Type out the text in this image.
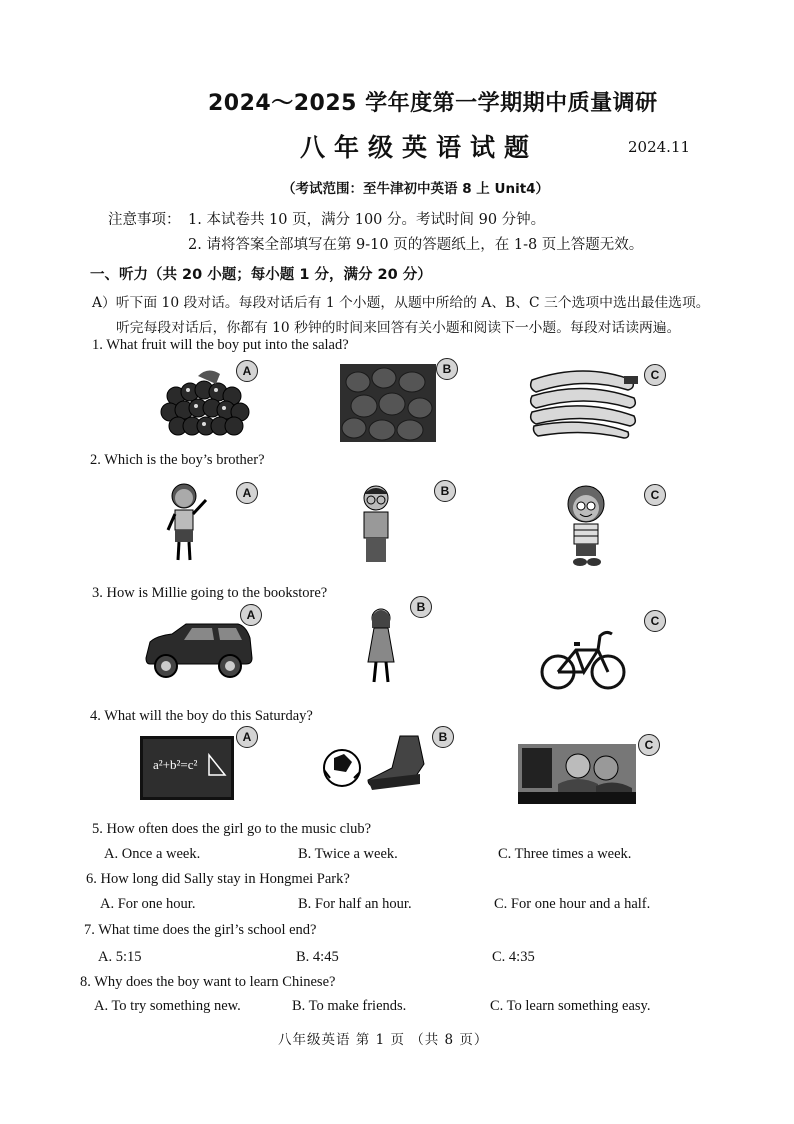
2024～2025 学年度第一学期期中质量调研
八年级英语试题	2024.11
（考试范围：至牛津初中英语 8 上 Unit4）
注意事项： 1. 本试卷共 10 页，满分 100 分。考试时间 90 分钟。
2. 请将答案全部填写在第 9-10 页的答题纸上，在 1-8 页上答题无效。
一、听力（共 20 小题；每小题 1 分，满分 20 分）
A）听下面 10 段对话。每段对话后有 1 个小题，从题中所给的 A、B、C 三个选项中选出最佳选项。
听完每段对话后，你都有 10 秒钟的时间来回答有关小题和阅读下一小题。每段对话读两遍。
1. What fruit will the boy put into the salad?
A	B	C
2. Which is the boy’s brother?
A	B	C
3. How is Millie going to the bookstore?
A
B
C
4. What will the boy do this Saturday?
a²+b²=c²
A	B
C
5. How often does the girl go to the music club?
A. Once a week.	B. Twice a week.	C. Three times a week.
6. How long did Sally stay in Hongmei Park?
A. For one hour.	B. For half an hour.	C. For one hour and a half.
7. What time does the girl’s school end?
A. 5:15	B. 4:45	C. 4:35
8. Why does the boy want to learn Chinese?
A. To try something new.	B. To make friends.	C. To learn something easy.
八年级英语 第 1 页 （共 8 页）
